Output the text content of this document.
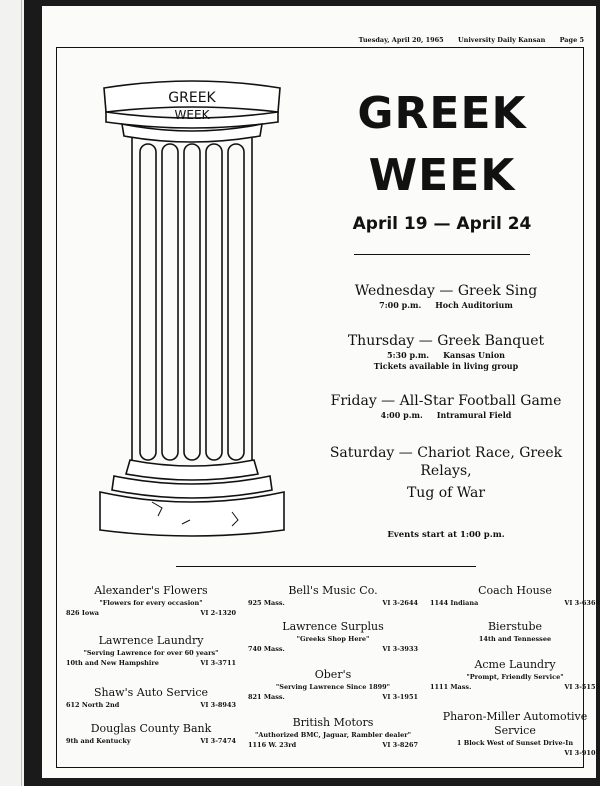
Tuesday, April 20, 1965 University Daily Kansan Page 5
GREEK
WEEK	GREEK
WEEK
April 19 — April 24
Wednesday — Greek Sing
7:00 p.m. Hoch Auditorium
Thursday — Greek Banquet
5:30 p.m. Kansas Union
Tickets available in living group
Friday — All-Star Football Game
4:00 p.m. Intramural Field
Saturday — Chariot Race, Greek Relays,
Tug of War
Events start at 1:00 p.m.
Alexander's Flowers
"Flowers for every occasion"
826 Iowa	VI 2-1320
Lawrence Laundry
"Serving Lawrence for over 60 years"
10th and New Hampshire	VI 3-3711
Shaw's Auto Service
612 North 2nd	VI 3-8943
Douglas County Bank
9th and Kentucky	VI 3-7474
Bell's Music Co.
925 Mass.	VI 3-2644
Lawrence Surplus
"Greeks Shop Here"
740 Mass.	VI 3-3933
Ober's
"Serving Lawrence Since 1899"
821 Mass.	VI 3-1951
British Motors
"Authorized BMC, Jaguar, Rambler dealer"
1116 W. 23rd	VI 3-8267
Coach House
1144 Indiana	VI 3-6369
Bierstube
14th and Tennessee
Acme Laundry
"Prompt, Friendly Service"
1111 Mass.	VI 3-5155
Pharon-Miller Automotive Service
1 Block West of Sunset Drive-In
VI 3-9107
